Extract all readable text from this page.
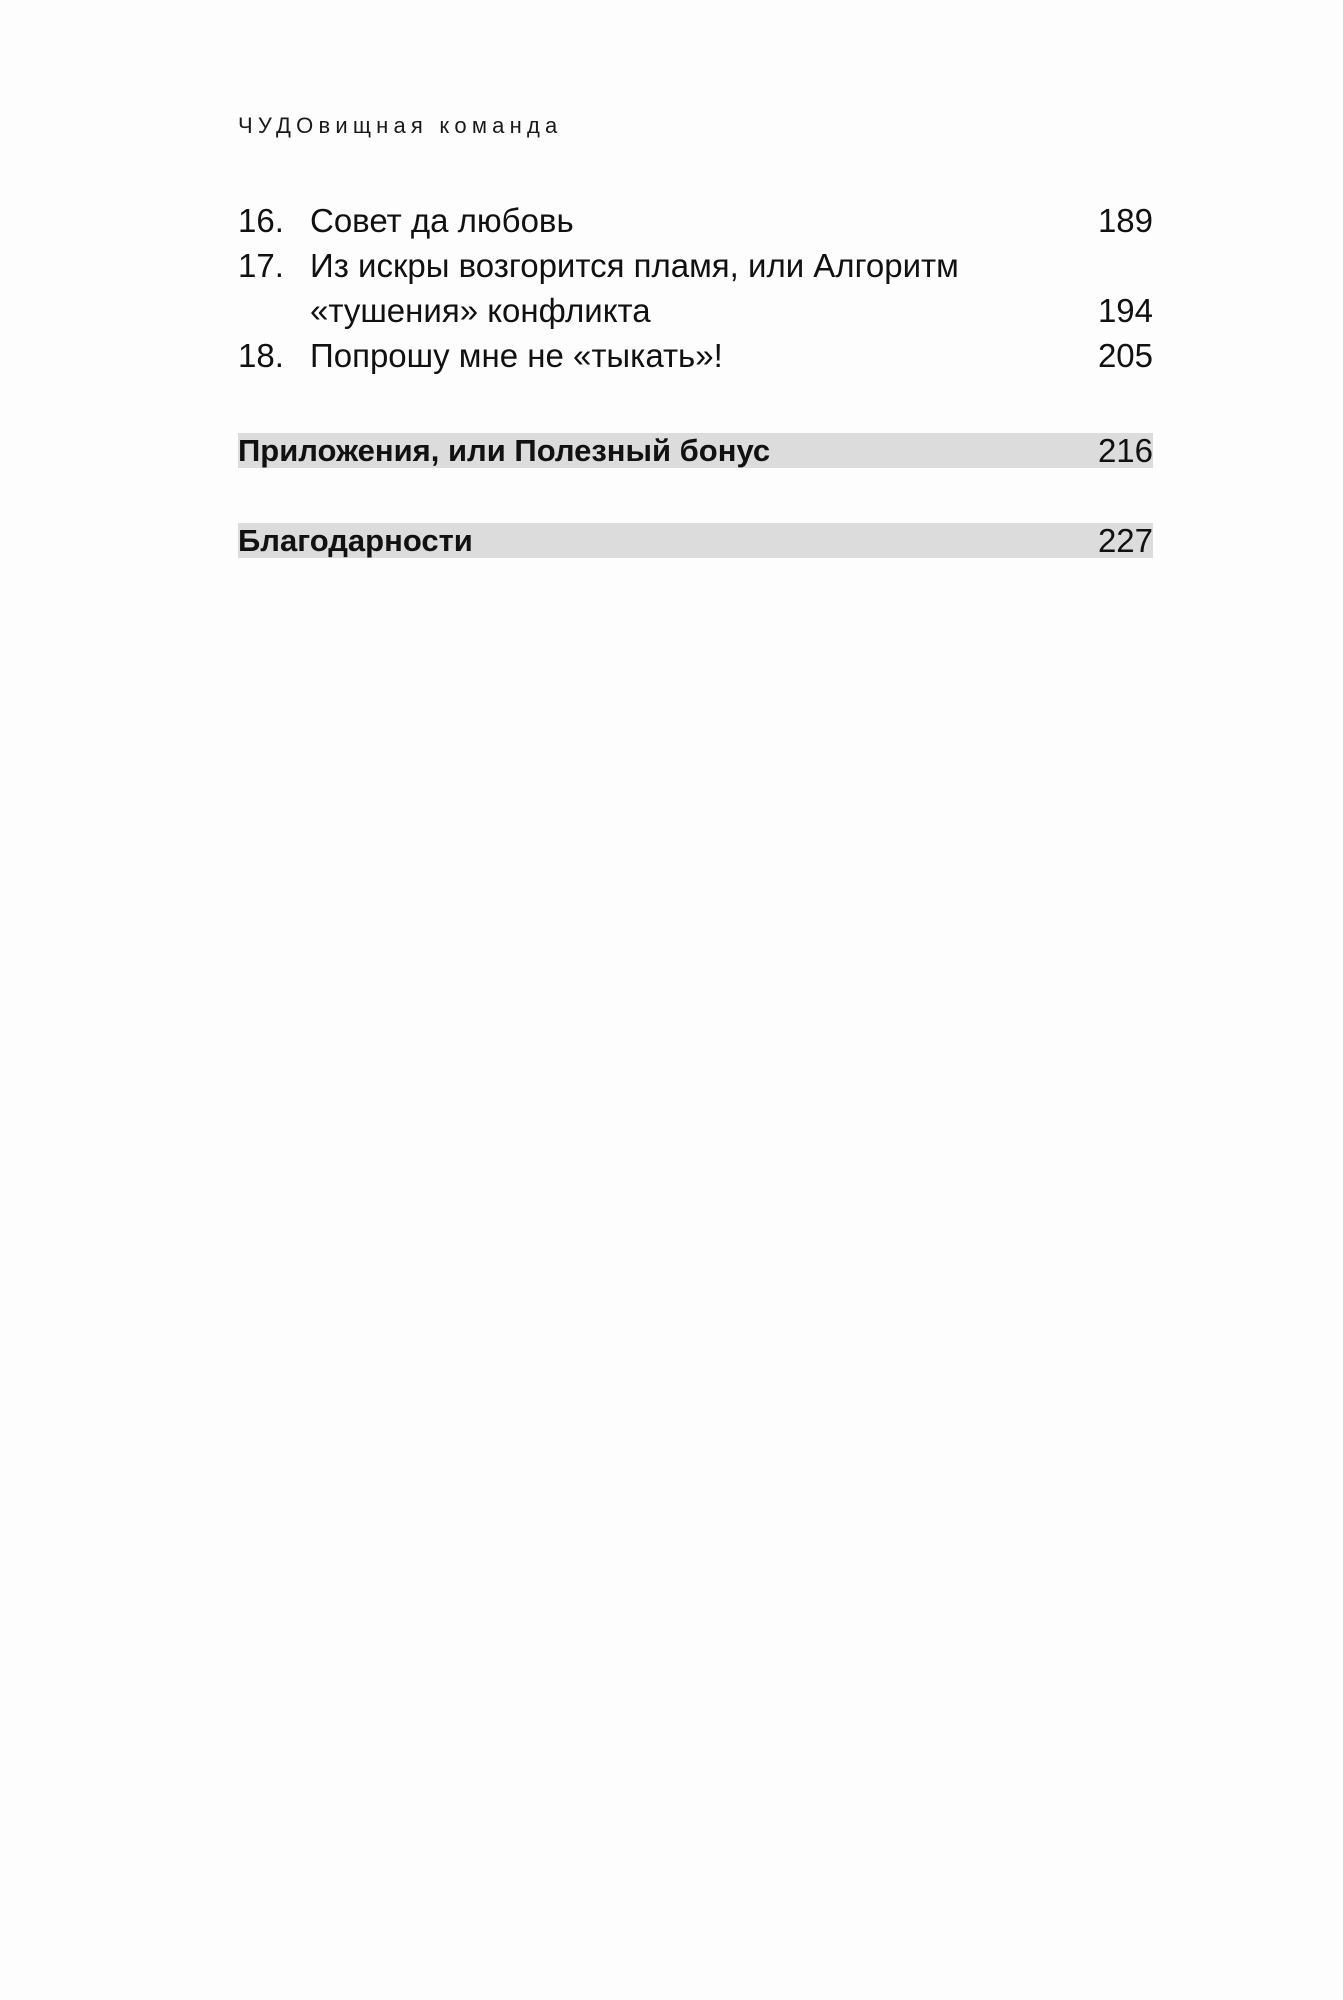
ЧУДОвищная команда
16. Совет да любовь	189
17. Из искры возгорится пламя, или Алгоритм
«тушения» конфликта	194
18. Попрошу мне не «тыкать»!	205
Приложения, или Полезный бонус	216
Благодарности	227
